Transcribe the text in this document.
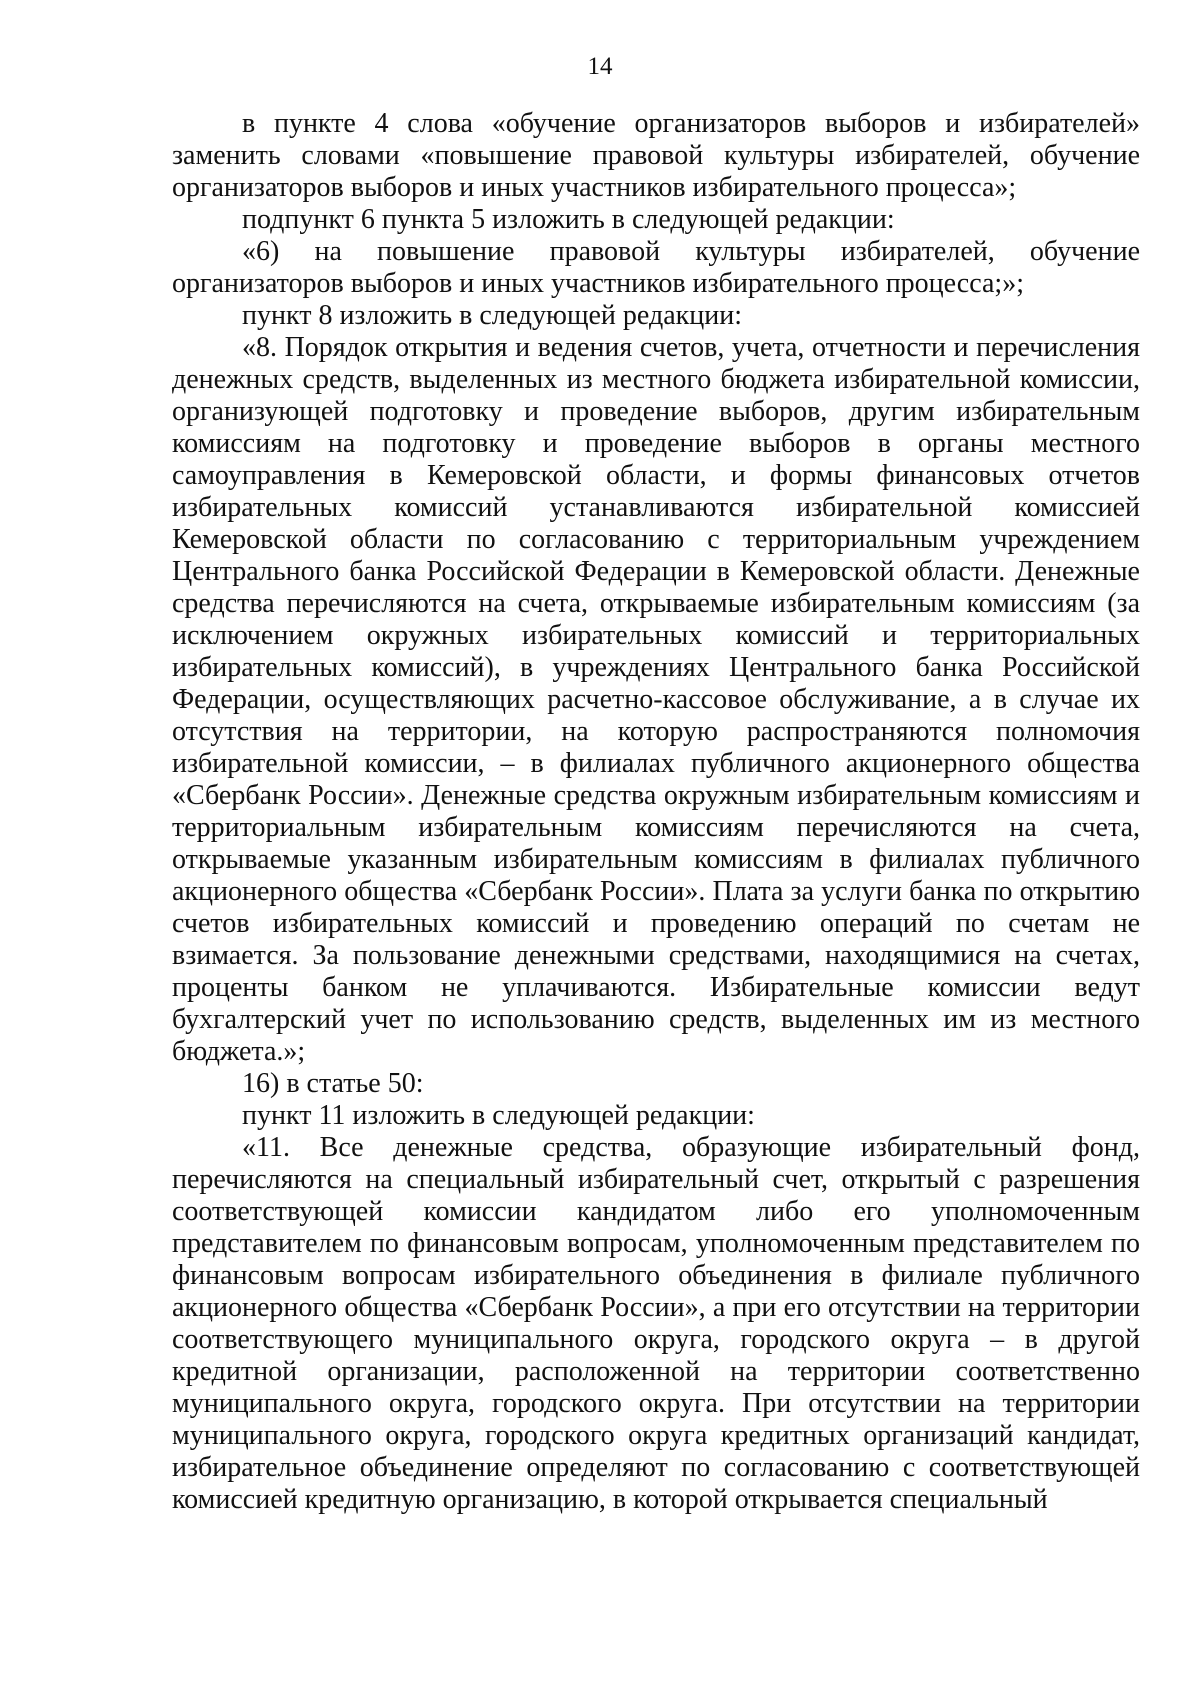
14

в пункте 4 слова «обучение организаторов выборов и избирателей» заменить словами «повышение правовой культуры избирателей, обучение организаторов выборов и иных участников избирательного процесса»;

подпункт 6 пункта 5 изложить в следующей редакции:

«6) на повышение правовой культуры избирателей, обучение организаторов выборов и иных участников избирательного процесса;»;

пункт 8 изложить в следующей редакции:

«8. Порядок открытия и ведения счетов, учета, отчетности и перечисления денежных средств, выделенных из местного бюджета избирательной комиссии, организующей подготовку и проведение выборов, другим избирательным комиссиям на подготовку и проведение выборов в органы местного самоуправления в Кемеровской области, и формы финансовых отчетов избирательных комиссий устанавливаются избирательной комиссией Кемеровской области по согласованию с территориальным учреждением Центрального банка Российской Федерации в Кемеровской области. Денежные средства перечисляются на счета, открываемые избирательным комиссиям (за исключением окружных избирательных комиссий и территориальных избирательных комиссий), в учреждениях Центрального банка Российской Федерации, осуществляющих расчетно-кассовое обслуживание, а в случае их отсутствия на территории, на которую распространяются полномочия избирательной комиссии, – в филиалах публичного акционерного общества «Сбербанк России». Денежные средства окружным избирательным комиссиям и территориальным избирательным комиссиям перечисляются на счета, открываемые указанным избирательным комиссиям в филиалах публичного акционерного общества «Сбербанк России». Плата за услуги банка по открытию счетов избирательных комиссий и проведению операций по счетам не взимается. За пользование денежными средствами, находящимися на счетах, проценты банком не уплачиваются. Избирательные комиссии ведут бухгалтерский учет по использованию средств, выделенных им из местного бюджета.»;

16) в статье 50:

пункт 11 изложить в следующей редакции:

«11. Все денежные средства, образующие избирательный фонд, перечисляются на специальный избирательный счет, открытый с разрешения соответствующей комиссии кандидатом либо его уполномоченным представителем по финансовым вопросам, уполномоченным представителем по финансовым вопросам избирательного объединения в филиале публичного акционерного общества «Сбербанк России», а при его отсутствии на территории соответствующего муниципального округа, городского округа – в другой кредитной организации, расположенной на территории соответственно муниципального округа, городского округа. При отсутствии на территории муниципального округа, городского округа кредитных организаций кандидат, избирательное объединение определяют по согласованию с соответствующей комиссией кредитную организацию, в которой открывается специальный
